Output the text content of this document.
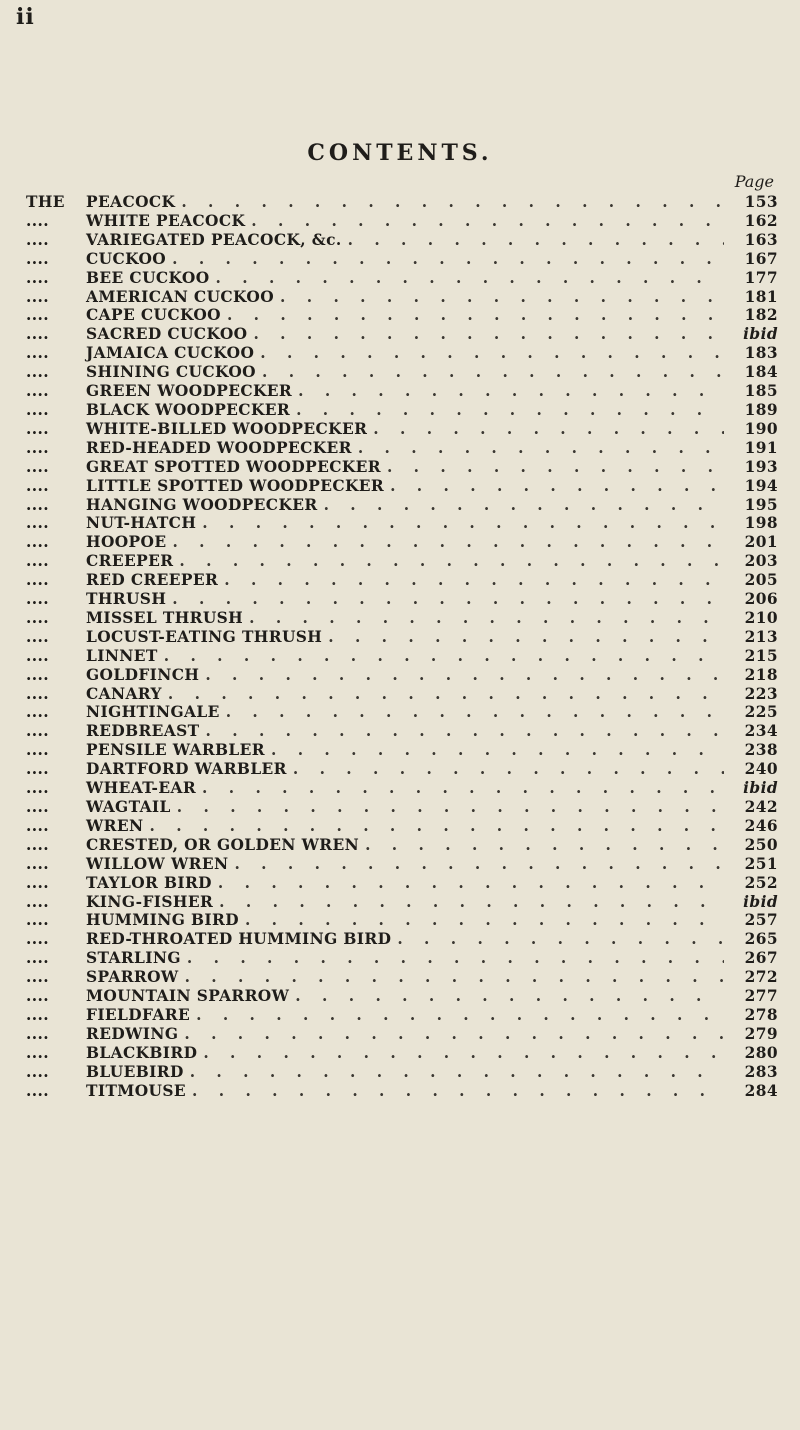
ii
CONTENTS.
Page
THE	PEACOCK . . .	153
....	WHITE PEACOCK . . .	162
....	VARIEGATED PEACOCK, &c. . . .	163
....	CUCKOO . . .	167
....	BEE CUCKOO . . .	177
....	AMERICAN CUCKOO . . .	181
....	CAPE CUCKOO . . .	182
....	SACRED CUCKOO . . .	ibid
....	JAMAICA CUCKOO . . .	183
....	SHINING CUCKOO . . .	184
....	GREEN WOODPECKER . . .	185
....	BLACK WOODPECKER . . .	189
....	WHITE-BILLED WOODPECKER . . .	190
....	RED-HEADED WOODPECKER . . .	191
....	GREAT SPOTTED WOODPECKER . . .	193
....	LITTLE SPOTTED WOODPECKER . . .	194
....	HANGING WOODPECKER . . .	195
....	NUT-HATCH . . .	198
....	HOOPOE . . .	201
....	CREEPER . . .	203
....	RED CREEPER . . .	205
....	THRUSH . . .	206
....	MISSEL THRUSH . . .	210
....	LOCUST-EATING THRUSH . . .	213
....	LINNET . . .	215
....	GOLDFINCH . . .	218
....	CANARY . . .	223
....	NIGHTINGALE . . .	225
....	REDBREAST . . .	234
....	PENSILE WARBLER . . .	238
....	DARTFORD WARBLER . . .	240
....	WHEAT-EAR . . .	ibid
....	WAGTAIL . . .	242
....	WREN . . .	246
....	CRESTED, OR GOLDEN WREN . . .	250
....	WILLOW WREN . . .	251
....	TAYLOR BIRD . . .	252
....	KING-FISHER . . .	ibid
....	HUMMING BIRD . . .	257
....	RED-THROATED HUMMING BIRD . . .	265
....	STARLING . . .	267
....	SPARROW . . .	272
....	MOUNTAIN SPARROW . . .	277
....	FIELDFARE . . .	278
....	REDWING . . .	279
....	BLACKBIRD . . .	280
....	BLUEBIRD . . .	283
....	TITMOUSE . . .	284
